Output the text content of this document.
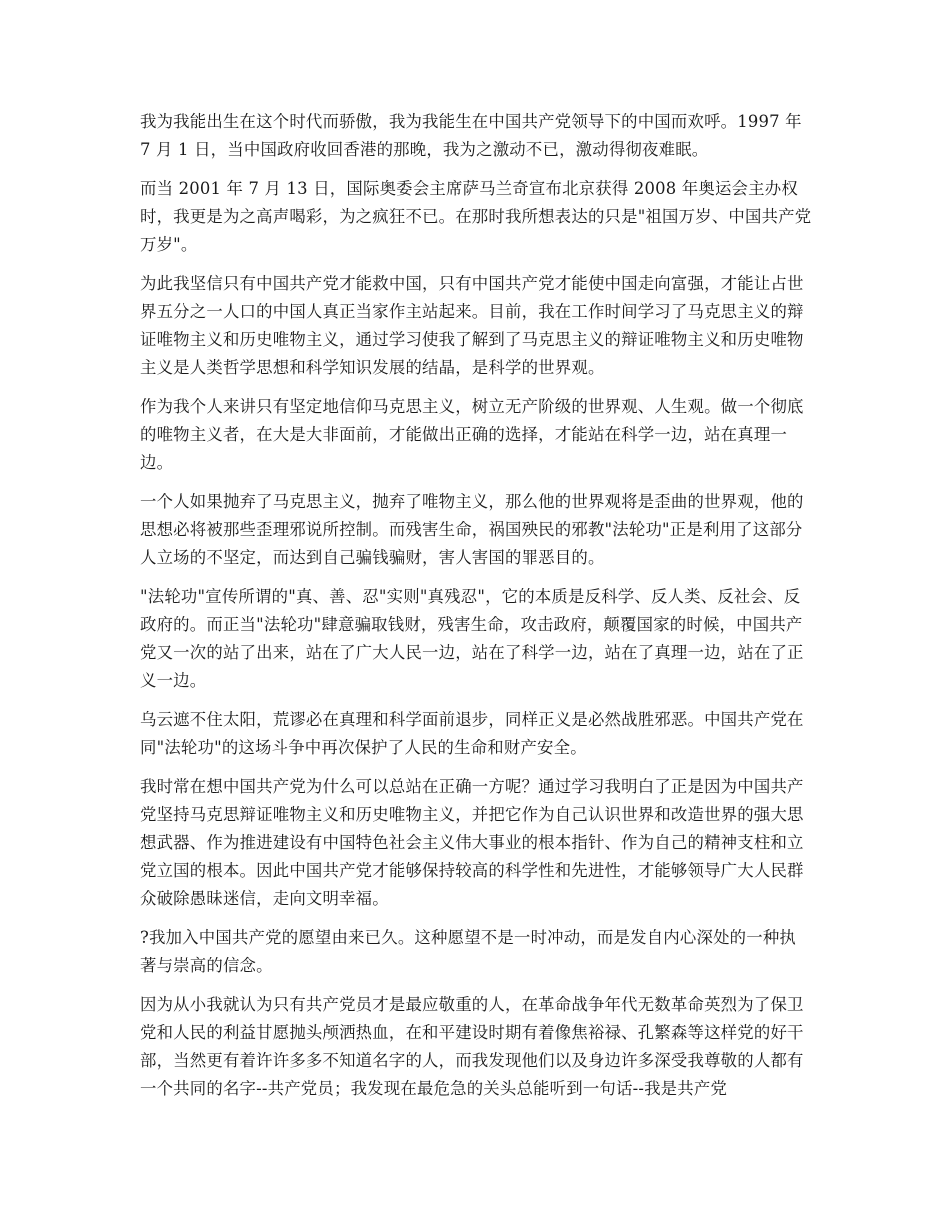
我为我能出生在这个时代而骄傲，我为我能生在中国共产党领导下的中国而欢呼。1997 年 7 月 1 日，当中国政府收回香港的那晚，我为之激动不已，激动得彻夜难眠。

而当 2001 年 7 月 13 日，国际奥委会主席萨马兰奇宣布北京获得 2008 年奥运会主办权时，我更是为之高声喝彩，为之疯狂不已。在那时我所想表达的只是"祖国万岁、中国共产党万岁"。

为此我坚信只有中国共产党才能救中国，只有中国共产党才能使中国走向富强，才能让占世界五分之一人口的中国人真正当家作主站起来。目前，我在工作时间学习了马克思主义的辩证唯物主义和历史唯物主义，通过学习使我了解到了马克思主义的辩证唯物主义和历史唯物主义是人类哲学思想和科学知识发展的结晶，是科学的世界观。

作为我个人来讲只有坚定地信仰马克思主义，树立无产阶级的世界观、人生观。做一个彻底的唯物主义者，在大是大非面前，才能做出正确的选择，才能站在科学一边，站在真理一边。

一个人如果抛弃了马克思主义，抛弃了唯物主义，那么他的世界观将是歪曲的世界观，他的思想必将被那些歪理邪说所控制。而残害生命，祸国殃民的邪教"法轮功"正是利用了这部分人立场的不坚定，而达到自己骗钱骗财，害人害国的罪恶目的。

"法轮功"宣传所谓的"真、善、忍"实则"真残忍"，它的本质是反科学、反人类、反社会、反政府的。而正当"法轮功"肆意骗取钱财，残害生命，攻击政府，颠覆国家的时候，中国共产党又一次的站了出来，站在了广大人民一边，站在了科学一边，站在了真理一边，站在了正义一边。

乌云遮不住太阳，荒谬必在真理和科学面前退步，同样正义是必然战胜邪恶。中国共产党在同"法轮功"的这场斗争中再次保护了人民的生命和财产安全。

我时常在想中国共产党为什么可以总站在正确一方呢？通过学习我明白了正是因为中国共产党坚持马克思辩证唯物主义和历史唯物主义，并把它作为自己认识世界和改造世界的强大思想武器、作为推进建设有中国特色社会主义伟大事业的根本指针、作为自己的精神支柱和立党立国的根本。因此中国共产党才能够保持较高的科学性和先进性，才能够领导广大人民群众破除愚昧迷信，走向文明幸福。

?我加入中国共产党的愿望由来已久。这种愿望不是一时冲动，而是发自内心深处的一种执著与崇高的信念。

因为从小我就认为只有共产党员才是最应敬重的人，在革命战争年代无数革命英烈为了保卫党和人民的利益甘愿抛头颅洒热血，在和平建设时期有着像焦裕禄、孔繁森等这样党的好干部，当然更有着许许多多不知道名字的人，而我发现他们以及身边许多深受我尊敬的人都有一个共同的名字--共产党员；我发现在最危急的关头总能听到一句话--我是共产党
